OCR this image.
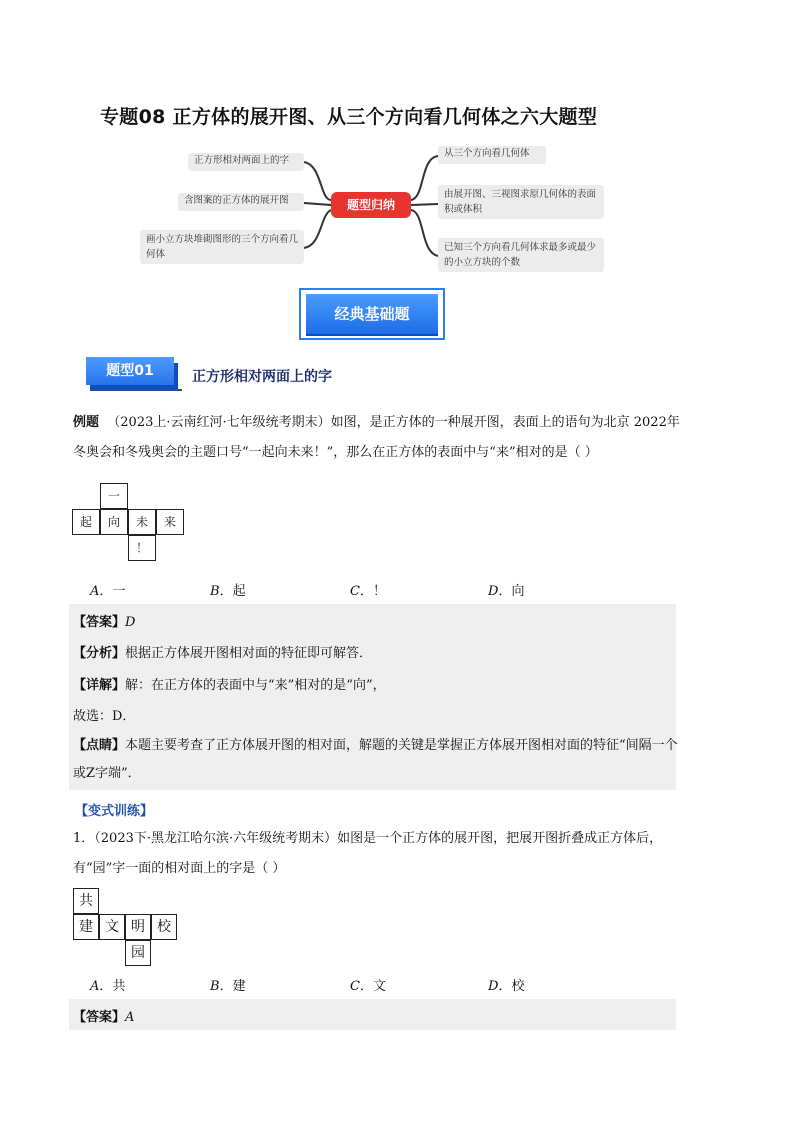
专题08 正方体的展开图、从三个方向看几何体之六大题型
正方形相对两面上的字
含图案的正方体的展开图
画小立方块堆砌图形的三个方向看几何体
题型归纳
从三个方向看几何体
由展开图、三视图求原几何体的表面积或体积
已知三个方向看几何体求最多或最少的小立方块的个数
经典基础题
题型01	正方形相对两面上的字
例题 （2023上·云南红河·七年级统考期末）如图，是正方体的一种展开图，表面上的语句为北京 2022年冬奥会和冬残奥会的主题口号“一起向未来！”，那么在正方体的表面中与“来”相对的是（ ）
一
起	向	未	来
！
A．一	B．起	C．！	D．向
【答案】D
【分析】根据正方体展开图相对面的特征即可解答．
【详解】解：在正方体的表面中与“来”相对的是“向”，
故选：D．
【点睛】本题主要考查了正方体展开图的相对面，解题的关键是掌握正方体展开图相对面的特征“间隔一个或Z字端”．
【变式训练】
1．（2023下·黑龙江哈尔滨·六年级统考期末）如图是一个正方体的展开图，把展开图折叠成正方体后，有“园”字一面的相对面上的字是（ ）
共
建 文 明 校
园
A．共	B．建	C．文	D．校
【答案】A
